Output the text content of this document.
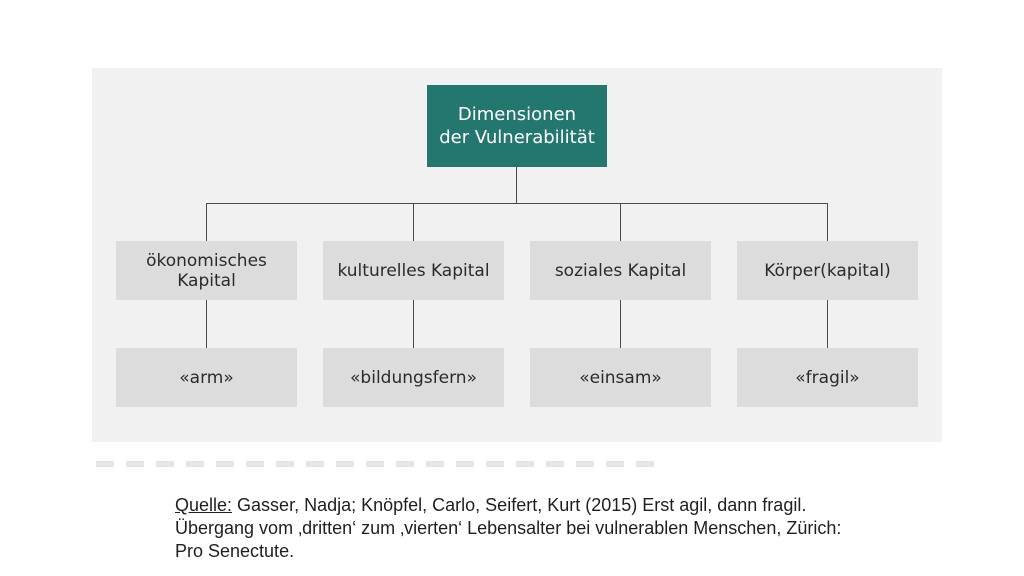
Dimensionen
der Vulnerabilität
ökonomisches Kapital	kulturelles Kapital	soziales Kapital	Körper(kapital)
«arm»	«bildungsfern»	«einsam»	«fragil»
Quelle: Gasser, Nadja; Knöpfel, Carlo, Seifert, Kurt (2015) Erst agil, dann fragil. Übergang vom ‚dritten‘ zum ‚vierten‘ Lebensalter bei vulnerablen Menschen, Zürich: Pro Senectute.
